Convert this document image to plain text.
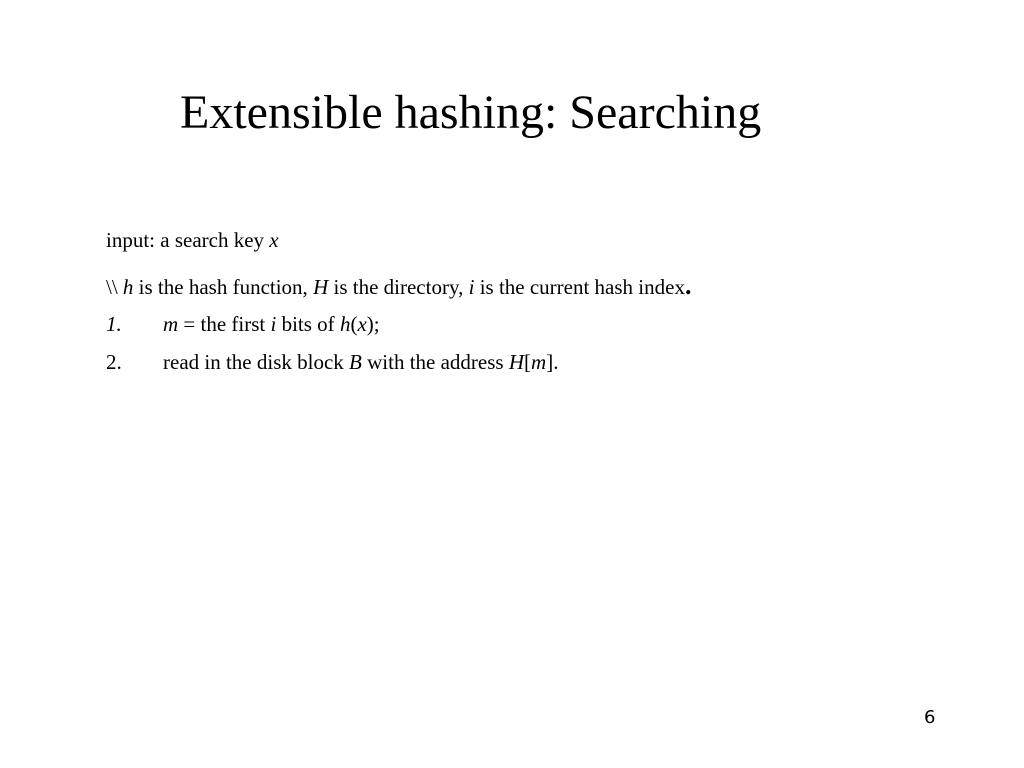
Extensible hashing: Searching
input: a search key x
\\ h is the hash function, H is the directory, i is the current hash index.
1. m = the first i bits of h(x);
2. read in the disk block B with the address H[m].
6
